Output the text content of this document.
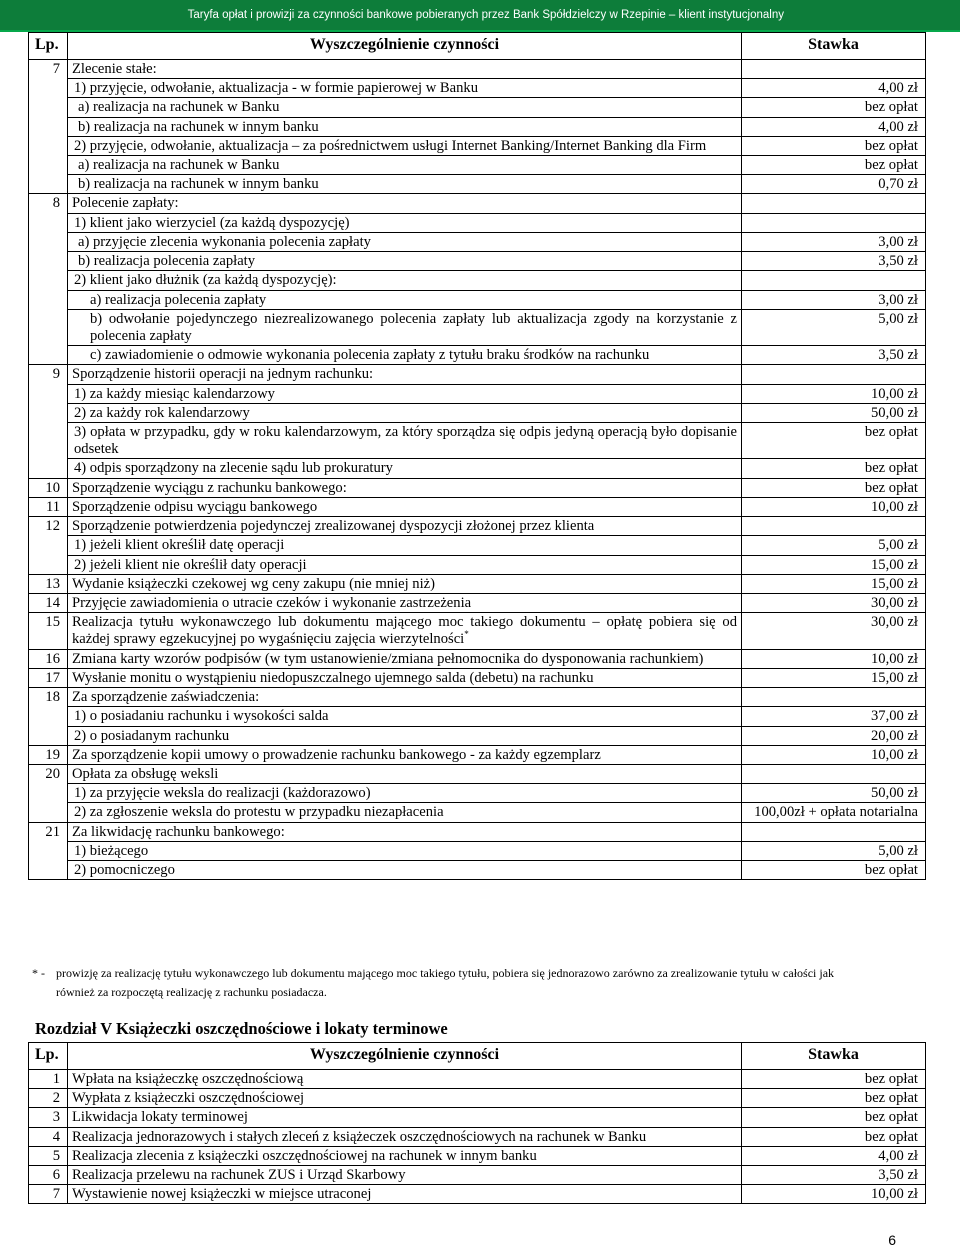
Taryfa opłat i prowizji za czynności bankowe pobieranych przez Bank Spółdzielczy w Rzepinie – klient instytucjonalny
Lp.	Wyszczególnienie czynności	Stawka
7	Zlecenie stałe:	
	1) przyjęcie, odwołanie, aktualizacja - w formie papierowej w Banku	4,00 zł
	a) realizacja na rachunek w Banku	bez opłat
	b) realizacja na rachunek w innym banku	4,00 zł
	2) przyjęcie, odwołanie, aktualizacja – za pośrednictwem usługi Internet Banking/Internet Banking dla Firm	bez opłat
	a) realizacja na rachunek w Banku	bez opłat
	b) realizacja na rachunek w innym banku	0,70 zł
8	Polecenie zapłaty:	
	1) klient jako wierzyciel (za każdą dyspozycję)	
	a) przyjęcie zlecenia wykonania polecenia zapłaty	3,00 zł
	b) realizacja polecenia zapłaty	3,50 zł
	2) klient jako dłużnik (za każdą dyspozycję):	
	a) realizacja polecenia zapłaty	3,00 zł
	b) odwołanie pojedynczego niezrealizowanego polecenia zapłaty lub aktualizacja zgody na korzystanie z polecenia zapłaty	5,00 zł
	c) zawiadomienie o odmowie wykonania polecenia zapłaty z tytułu braku środków na rachunku	3,50 zł
9	Sporządzenie historii operacji na jednym rachunku:	
	1) za każdy miesiąc kalendarzowy	10,00 zł
	2) za każdy rok kalendarzowy	50,00 zł
	3) opłata w przypadku, gdy w roku kalendarzowym, za który sporządza się odpis jedyną operacją było dopisanie odsetek	bez opłat
	4) odpis sporządzony na zlecenie sądu lub prokuratury	bez opłat
10	Sporządzenie wyciągu z rachunku bankowego:	bez opłat
11	Sporządzenie odpisu wyciągu bankowego	10,00 zł
12	Sporządzenie potwierdzenia pojedynczej zrealizowanej dyspozycji złożonej przez klienta	
	1) jeżeli klient określił datę operacji	5,00 zł
	2) jeżeli klient nie określił daty operacji	15,00 zł
13	Wydanie książeczki czekowej wg ceny zakupu (nie mniej niż)	15,00 zł
14	Przyjęcie zawiadomienia o utracie czeków i wykonanie zastrzeżenia	30,00 zł
15	Realizacja tytułu wykonawczego lub dokumentu mającego moc takiego dokumentu – opłatę pobiera się od każdej sprawy egzekucyjnej po wygaśnięciu zajęcia wierzytelności*	30,00 zł
16	Zmiana karty wzorów podpisów (w tym ustanowienie/zmiana pełnomocnika do dysponowania rachunkiem)	10,00 zł
17	Wysłanie monitu o wystąpieniu niedopuszczalnego ujemnego salda (debetu) na rachunku	15,00 zł
18	Za sporządzenie zaświadczenia:	
	1) o posiadaniu rachunku i wysokości salda	37,00 zł
	2) o posiadanym rachunku	20,00 zł
19	Za sporządzenie kopii umowy o prowadzenie rachunku bankowego - za każdy egzemplarz	10,00 zł
20	Opłata za obsługę weksli	
	1) za przyjęcie weksla do realizacji (każdorazowo)	50,00 zł
	2) za zgłoszenie weksla do protestu w przypadku niezapłacenia	100,00zł + opłata notarialna
21	Za likwidację rachunku bankowego:	
	1) bieżącego	5,00 zł
	2) pomocniczego	bez opłat
* - prowizję za realizację tytułu wykonawczego lub dokumentu mającego moc takiego tytułu, pobiera się jednorazowo zarówno za zrealizowanie tytułu w całości jak
również za rozpoczętą realizację z rachunku posiadacza.
Rozdział V Książeczki oszczędnościowe i lokaty terminowe
Lp.	Wyszczególnienie czynności	Stawka
1	Wpłata na książeczkę oszczędnościową	bez opłat
2	Wypłata z książeczki oszczędnościowej	bez opłat
3	Likwidacja lokaty terminowej	bez opłat
4	Realizacja jednorazowych i stałych zleceń z książeczek oszczędnościowych na rachunek w Banku	bez opłat
5	Realizacja zlecenia z książeczki oszczędnościowej na rachunek w innym banku	4,00 zł
6	Realizacja przelewu na rachunek ZUS i Urząd Skarbowy	3,50 zł
7	Wystawienie nowej książeczki w miejsce utraconej	10,00 zł
6
